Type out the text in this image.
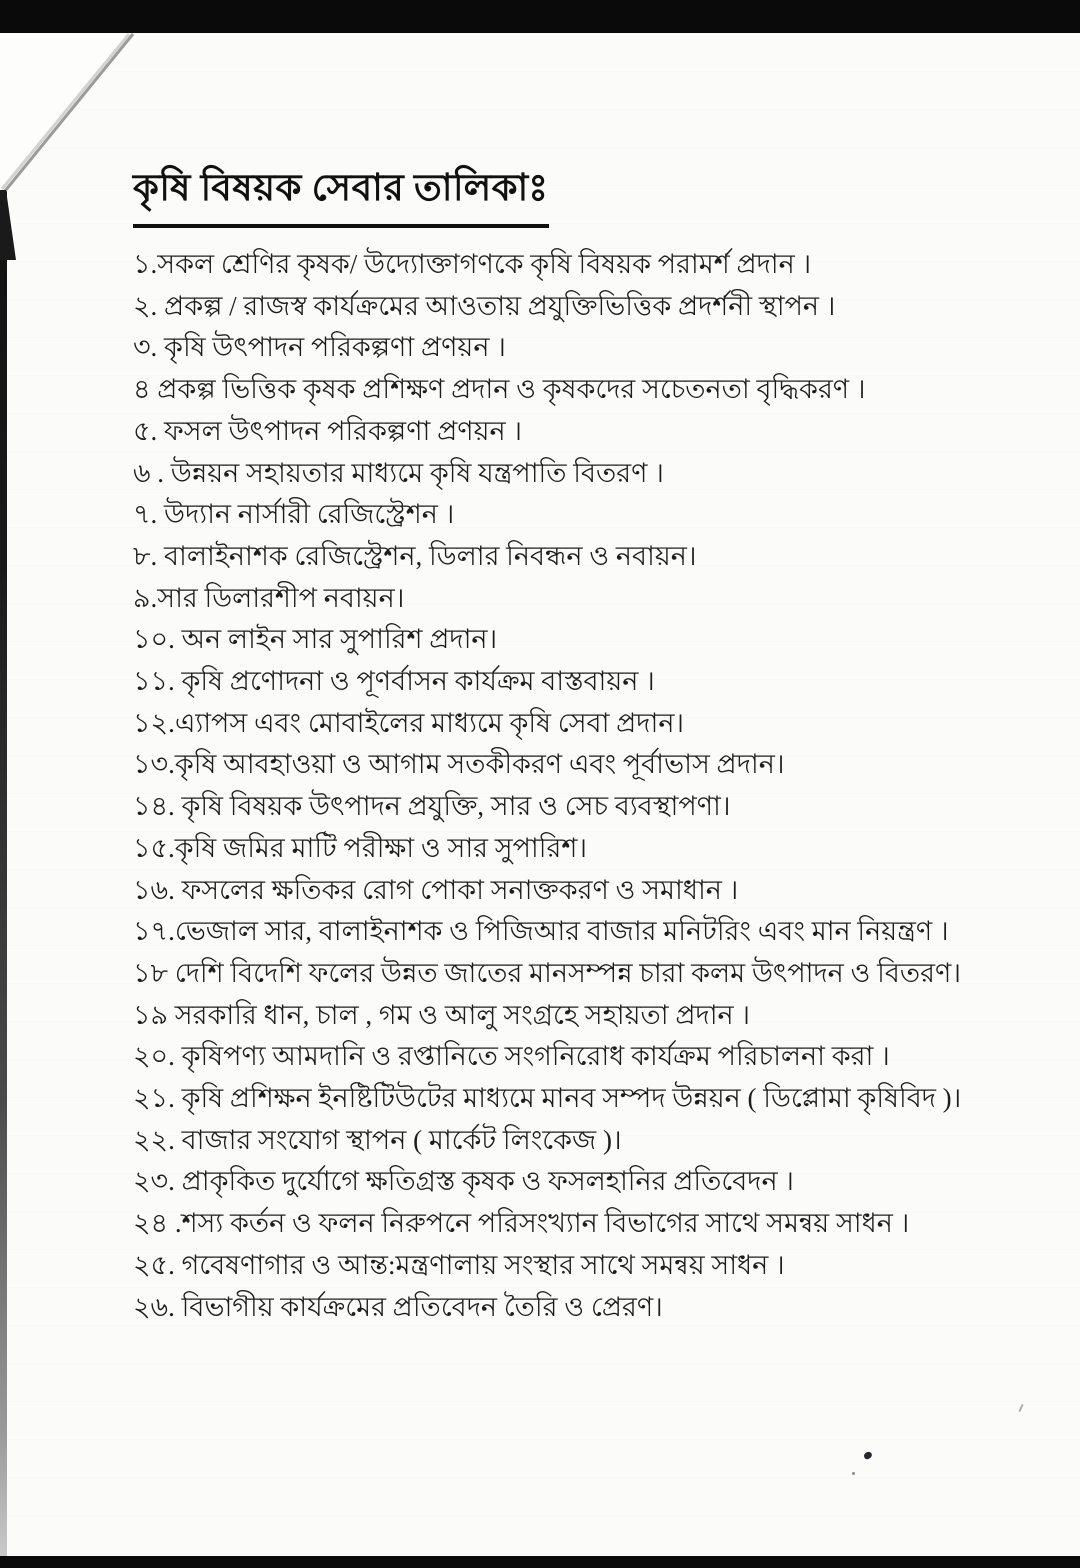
কৃষি বিষয়ক সেবার তালিকাঃ

১.সকল শ্রেণির কৃষক/ উদ্যোক্তাগণকে কৃষি বিষয়ক পরামর্শ প্রদান ।

২. প্রকল্প / রাজস্ব কার্যক্রমের আওতায় প্রযুক্তিভিত্তিক প্রদর্শনী স্থাপন ।

৩. কৃষি উৎপাদন পরিকল্পণা প্রণয়ন ।

৪ প্রকল্প ভিত্তিক কৃষক প্রশিক্ষণ প্রদান ও কৃষকদের সচেতনতা বৃদ্ধিকরণ ।

৫. ফসল উৎপাদন পরিকল্পণা প্রণয়ন ।

৬ . উন্নয়ন সহায়তার মাধ্যমে কৃষি যন্ত্রপাতি বিতরণ ।

৭. উদ্যান নার্সারী রেজিস্ট্রেশন ।

৮. বালাইনাশক রেজিস্ট্রেশন, ডিলার নিবন্ধন ও নবায়ন।

৯.সার ডিলারশীপ নবায়ন।

১০. অন লাইন সার সুপারিশ প্রদান।

১১. কৃষি প্রণোদনা ও পূণর্বাসন কার্যক্রম বাস্তবায়ন ।

১২.এ্যাপস এবং মোবাইলের মাধ্যমে কৃষি সেবা প্রদান।

১৩.কৃষি আবহাওয়া ও আগাম সতকীকরণ এবং পূর্বাভাস প্রদান।

১৪. কৃষি বিষয়ক উৎপাদন প্রযুক্তি, সার ও সেচ ব্যবস্থাপণা।

১৫.কৃষি জমির মাটি পরীক্ষা ও সার সুপারিশ।

১৬. ফসলের ক্ষতিকর রোগ পোকা সনাক্তকরণ ও সমাধান ।

১৭.ভেজাল সার, বালাইনাশক ও পিজিআর বাজার মনিটরিং এবং মান নিয়ন্ত্রণ ।

১৮ দেশি বিদেশি ফলের উন্নত জাতের মানসম্পন্ন চারা কলম উৎপাদন ও বিতরণ।

১৯ সরকারি ধান, চাল , গম ও আলু সংগ্রহে সহায়তা প্রদান ।

২০. কৃষিপণ্য আমদানি ও রপ্তানিতে সংগনিরোধ কার্যক্রম পরিচালনা করা ।

২১. কৃষি প্রশিক্ষন ইনষ্টিটিউটের মাধ্যমে মানব সম্পদ উন্নয়ন ( ডিপ্লোমা কৃষিবিদ )।

২২. বাজার সংযোগ স্থাপন ( মার্কেট লিংকেজ )।

২৩. প্রাকৃকিত দুর্যোগে ক্ষতিগ্রস্ত কৃষক ও ফসলহানির প্রতিবেদন ।

২৪ .শস্য কর্তন ও ফলন নিরুপনে পরিসংখ্যান বিভাগের সাথে সমন্বয় সাধন ।

২৫. গবেষণাগার ও আন্ত:মন্ত্রণালায় সংস্থার সাথে সমন্বয় সাধন ।

২৬. বিভাগীয় কার্যক্রমের প্রতিবেদন তৈরি ও প্রেরণ।
